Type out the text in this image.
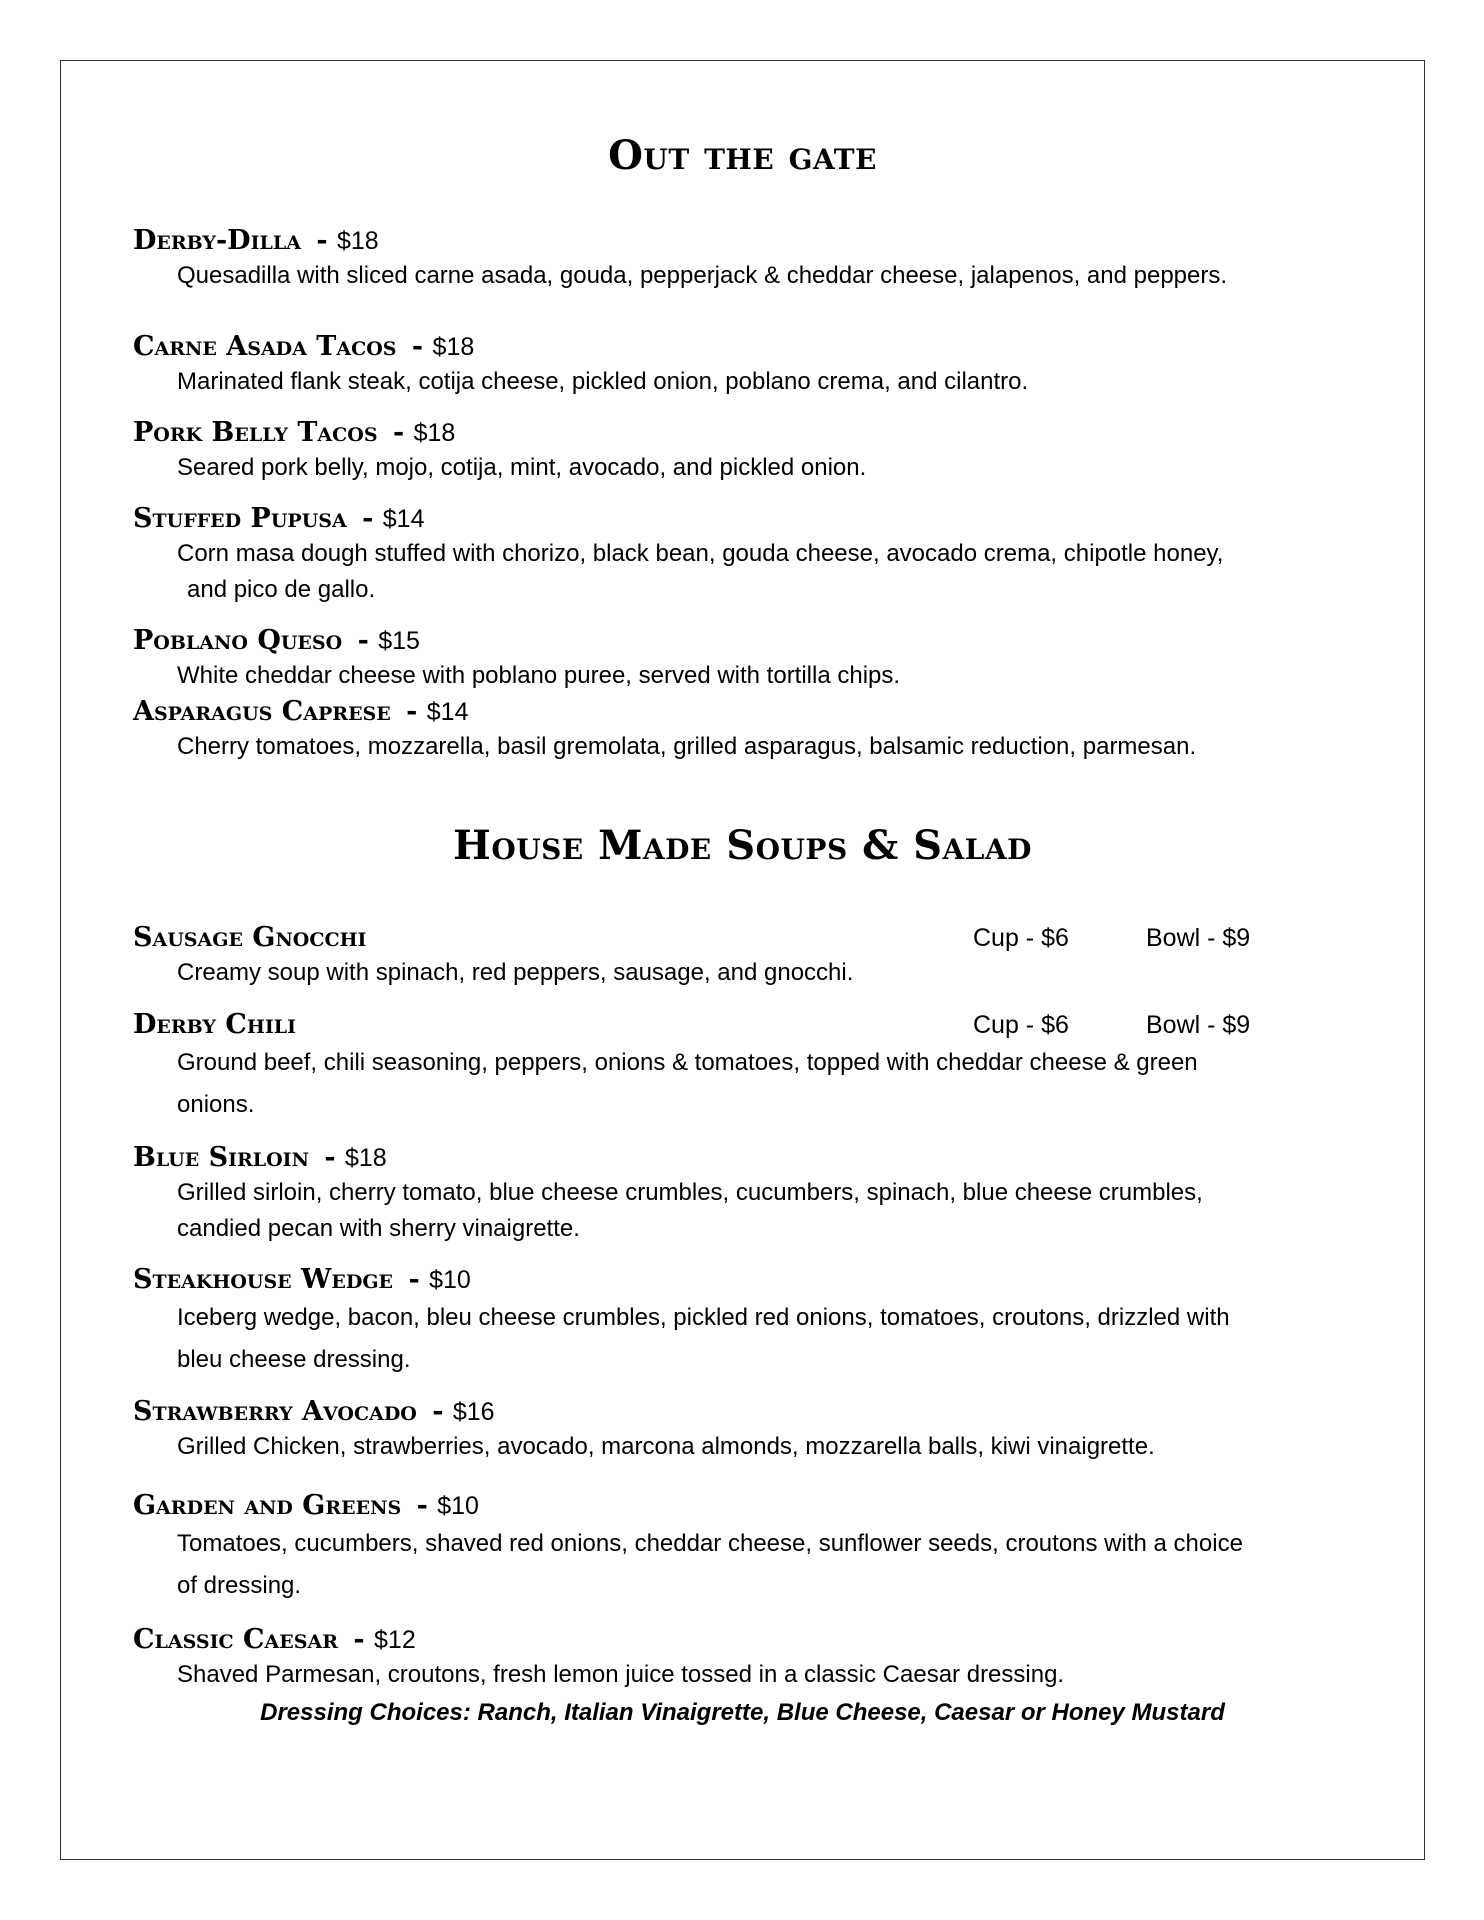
Out the gate
Derby-Dilla - $18
Quesadilla with sliced carne asada, gouda, pepperjack & cheddar cheese, jalapenos, and peppers.
Carne Asada Tacos - $18
Marinated flank steak, cotija cheese, pickled onion, poblano crema, and cilantro.
Pork Belly Tacos - $18
Seared pork belly, mojo, cotija, mint, avocado, and pickled onion.
Stuffed Pupusa - $14
Corn masa dough stuffed with chorizo, black bean, gouda cheese, avocado crema, chipotle honey,
and pico de gallo.
Poblano Queso - $15
White cheddar cheese with poblano puree, served with tortilla chips.
Asparagus Caprese - $14
Cherry tomatoes, mozzarella, basil gremolata, grilled asparagus, balsamic reduction, parmesan.
House Made Soups & Salad
Sausage Gnocchi	Cup - $6	Bowl - $9
Creamy soup with spinach, red peppers, sausage, and gnocchi.
Derby Chili	Cup - $6	Bowl - $9
Ground beef, chili seasoning, peppers, onions & tomatoes, topped with cheddar cheese & green
onions.
Blue Sirloin - $18
Grilled sirloin, cherry tomato, blue cheese crumbles, cucumbers, spinach, blue cheese crumbles,
candied pecan with sherry vinaigrette.
Steakhouse Wedge - $10
Iceberg wedge, bacon, bleu cheese crumbles, pickled red onions, tomatoes, croutons, drizzled with
bleu cheese dressing.
Strawberry Avocado - $16
Grilled Chicken, strawberries, avocado, marcona almonds, mozzarella balls, kiwi vinaigrette.
Garden and Greens - $10
Tomatoes, cucumbers, shaved red onions, cheddar cheese, sunflower seeds, croutons with a choice
of dressing.
Classic Caesar - $12
Shaved Parmesan, croutons, fresh lemon juice tossed in a classic Caesar dressing.
Dressing Choices: Ranch, Italian Vinaigrette, Blue Cheese, Caesar or Honey Mustard
